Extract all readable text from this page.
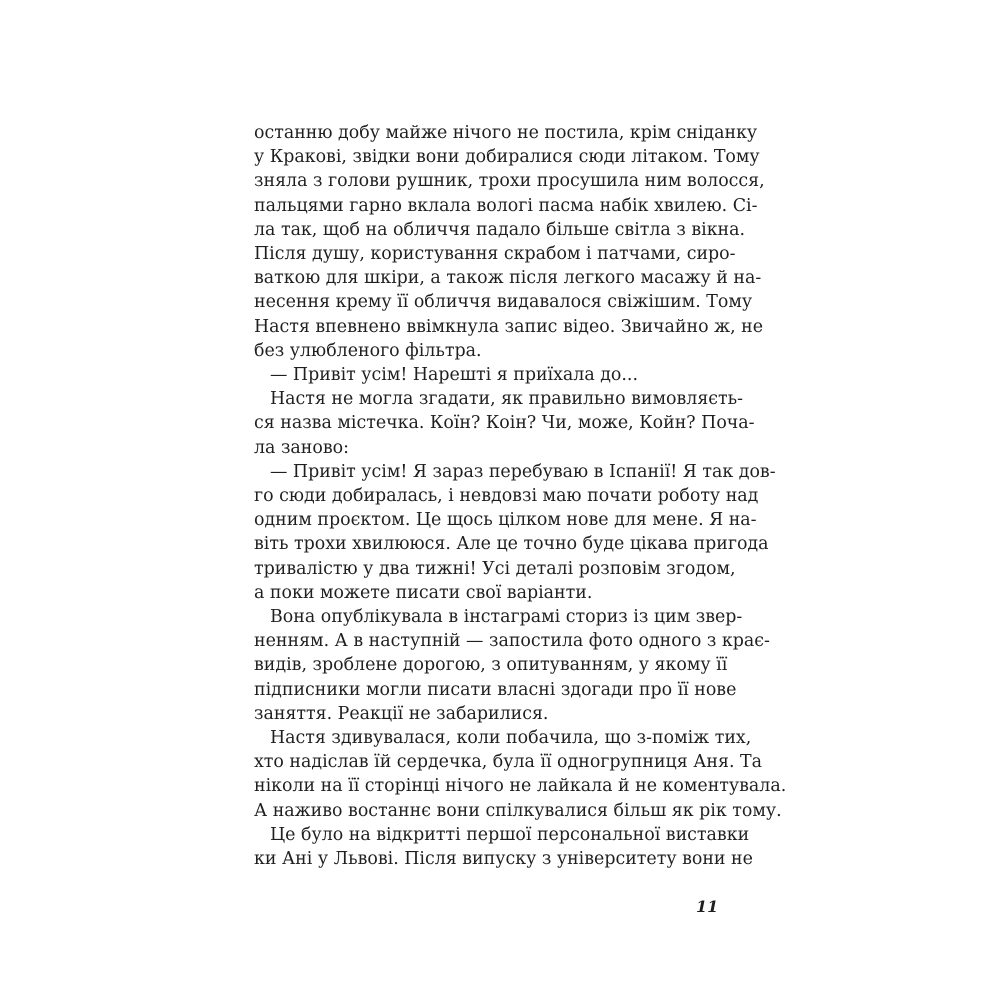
останню добу майже нічого не постила, крім сніданку
у Кракові, звідки вони добиралися сюди літаком. Тому
зняла з голови рушник, трохи просушила ним волосся,
пальцями гарно вклала вологі пасма набік хвилею. Сі-
ла так, щоб на обличчя падало більше світла з вікна.
Після душу, користування скрабом і патчами, сиро-
ваткою для шкіри, а також після легкого масажу й на-
несення крему її обличчя видавалося свіжішим. Тому
Настя впевнено ввімкнула запис відео. Звичайно ж, не
без улюбленого фільтра.
— Привіт усім! Нарешті я приїхала до...
Настя не могла згадати, як правильно вимовляєть-
ся назва містечка. Коїн? Коін? Чи, може, Койн? Поча-
ла заново:
— Привіт усім! Я зараз перебуваю в Іспанії! Я так дов-
го сюди добиралась, і невдовзі маю почати роботу над
одним проєктом. Це щось цілком нове для мене. Я на-
віть трохи хвилююся. Але це точно буде цікава пригода
тривалістю у два тижні! Усі деталі розповім згодом,
а поки можете писати свої варіанти.
Вона опублікувала в інстаграмі сториз із цим звер-
ненням. А в наступній — запостила фото одного з крає-
видів, зроблене дорогою, з опитуванням, у якому її
підписники могли писати власні здогади про її нове
заняття. Реакції не забарилися.
Настя здивувалася, коли побачила, що з-поміж тих,
хто надіслав їй сердечка, була її одногрупниця Аня. Та
ніколи на її сторінці нічого не лайкала й не коментувала.
А наживо востаннє вони спілкувалися більш як рік тому.
Це було на відкритті першої персональної виставки
ки Ані у Львові. Після випуску з університету вони не
11
